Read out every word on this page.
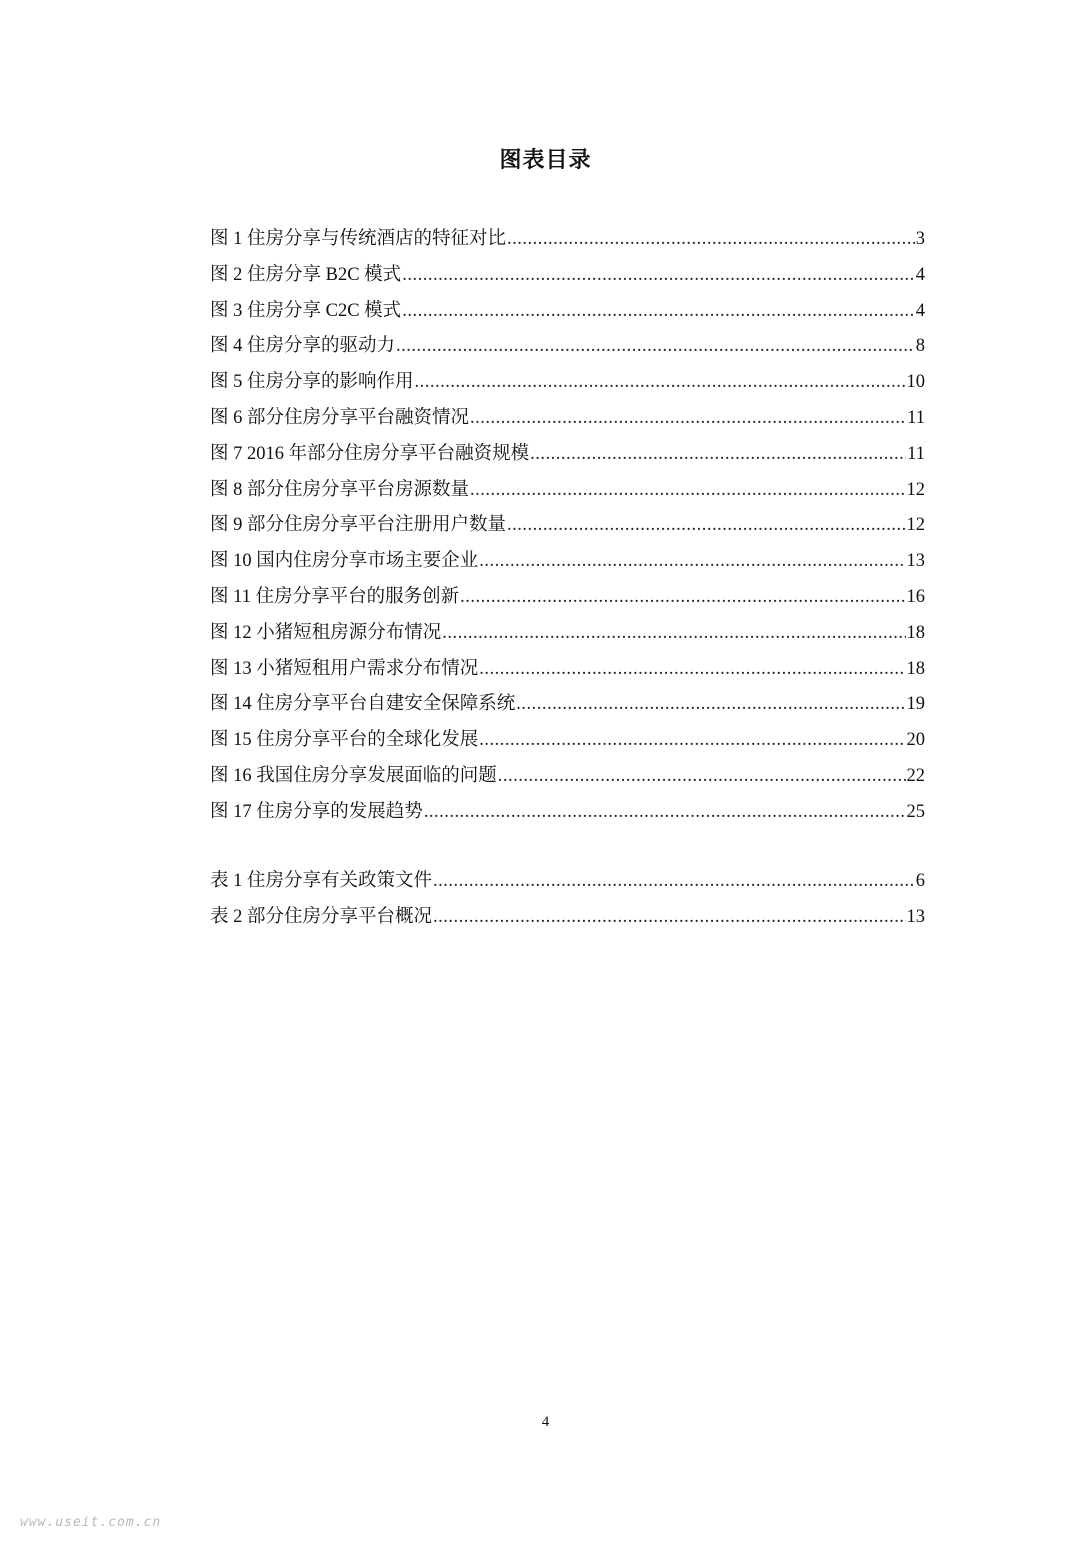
图表目录
图 1 住房分享与传统酒店的特征对比 .....	3
图 2 住房分享 B2C 模式 .....	4
图 3 住房分享 C2C 模式 .....	4
图 4 住房分享的驱动力 .....	8
图 5 住房分享的影响作用 .....	10
图 6 部分住房分享平台融资情况 .....	11
图 7 2016 年部分住房分享平台融资规模 .....	11
图 8 部分住房分享平台房源数量 .....	12
图 9 部分住房分享平台注册用户数量 .....	12
图 10 国内住房分享市场主要企业 .....	13
图 11 住房分享平台的服务创新 .....	16
图 12 小猪短租房源分布情况 .....	18
图 13 小猪短租用户需求分布情况 .....	18
图 14 住房分享平台自建安全保障系统 .....	19
图 15 住房分享平台的全球化发展 .....	20
图 16 我国住房分享发展面临的问题 .....	22
图 17 住房分享的发展趋势 .....	25
表 1 住房分享有关政策文件 .....	6
表 2 部分住房分享平台概况 .....	13
4
www.useit.com.cn
